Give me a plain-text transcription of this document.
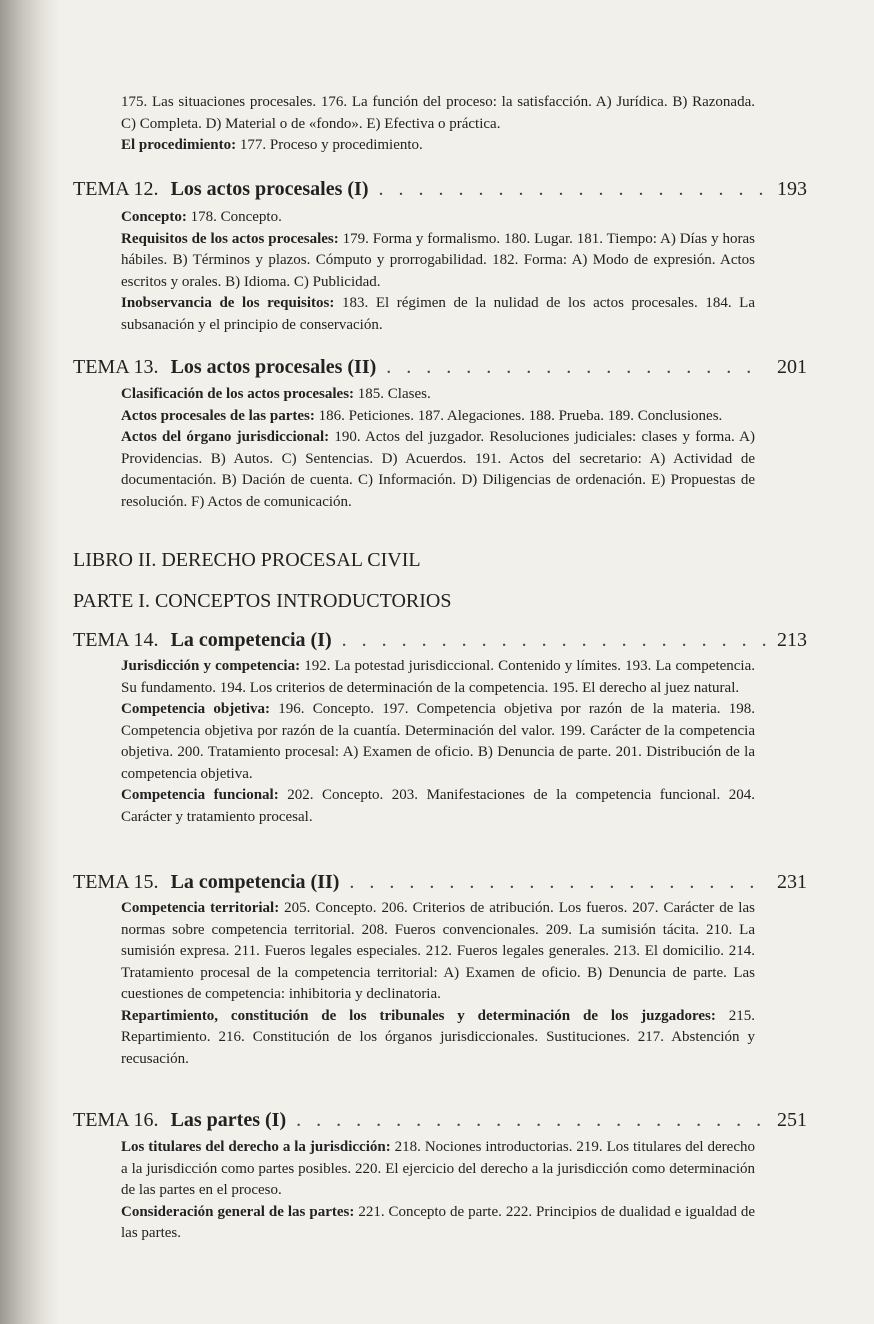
175. Las situaciones procesales. 176. La función del proceso: la satisfacción. A) Jurídica. B) Razonada. C) Completa. D) Material o de «fondo». E) Efectiva o práctica.

El procedimiento: 177. Proceso y procedimiento.

TEMA 12. Los actos procesales (I) . . .	193

Concepto: 178. Concepto.

Requisitos de los actos procesales: 179. Forma y formalismo. 180. Lugar. 181. Tiempo: A) Días y horas hábiles. B) Términos y plazos. Cómputo y prorrogabilidad. 182. Forma: A) Modo de expresión. Actos escritos y orales. B) Idioma. C) Publicidad.

Inobservancia de los requisitos: 183. El régimen de la nulidad de los actos procesales. 184. La subsanación y el principio de conservación.

TEMA 13. Los actos procesales (II) . . .	201

Clasificación de los actos procesales: 185. Clases.

Actos procesales de las partes: 186. Peticiones. 187. Alegaciones. 188. Prueba. 189. Conclusiones.

Actos del órgano jurisdiccional: 190. Actos del juzgador. Resoluciones judiciales: clases y forma. A) Providencias. B) Autos. C) Sentencias. D) Acuerdos. 191. Actos del secretario: A) Actividad de documentación. B) Dación de cuenta. C) Información. D) Diligencias de ordenación. E) Propuestas de resolución. F) Actos de comunicación.

LIBRO II. DERECHO PROCESAL CIVIL
PARTE I. CONCEPTOS INTRODUCTORIOS
TEMA 14. La competencia (I) . . .	213

Jurisdicción y competencia: 192. La potestad jurisdiccional. Contenido y límites. 193. La competencia. Su fundamento. 194. Los criterios de determinación de la competencia. 195. El derecho al juez natural.

Competencia objetiva: 196. Concepto. 197. Competencia objetiva por razón de la materia. 198. Competencia objetiva por razón de la cuantía. Determinación del valor. 199. Carácter de la competencia objetiva. 200. Tratamiento procesal: A) Examen de oficio. B) Denuncia de parte. 201. Distribución de la competencia objetiva.

Competencia funcional: 202. Concepto. 203. Manifestaciones de la competencia funcional. 204. Carácter y tratamiento procesal.

TEMA 15. La competencia (II) . . .	231

Competencia territorial: 205. Concepto. 206. Criterios de atribución. Los fueros. 207. Carácter de las normas sobre competencia territorial. 208. Fueros convencionales. 209. La sumisión tácita. 210. La sumisión expresa. 211. Fueros legales especiales. 212. Fueros legales generales. 213. El domicilio. 214. Tratamiento procesal de la competencia territorial: A) Examen de oficio. B) Denuncia de parte. Las cuestiones de competencia: inhibitoria y declinatoria.

Repartimiento, constitución de los tribunales y determinación de los juzgadores: 215. Repartimiento. 216. Constitución de los órganos jurisdiccionales. Sustituciones. 217. Abstención y recusación.

TEMA 16. Las partes (I) . . .	251

Los titulares del derecho a la jurisdicción: 218. Nociones introductorias. 219. Los titulares del derecho a la jurisdicción como partes posibles. 220. El ejercicio del derecho a la jurisdicción como determinación de las partes en el proceso.

Consideración general de las partes: 221. Concepto de parte. 222. Principios de dualidad e igualdad de las partes.
